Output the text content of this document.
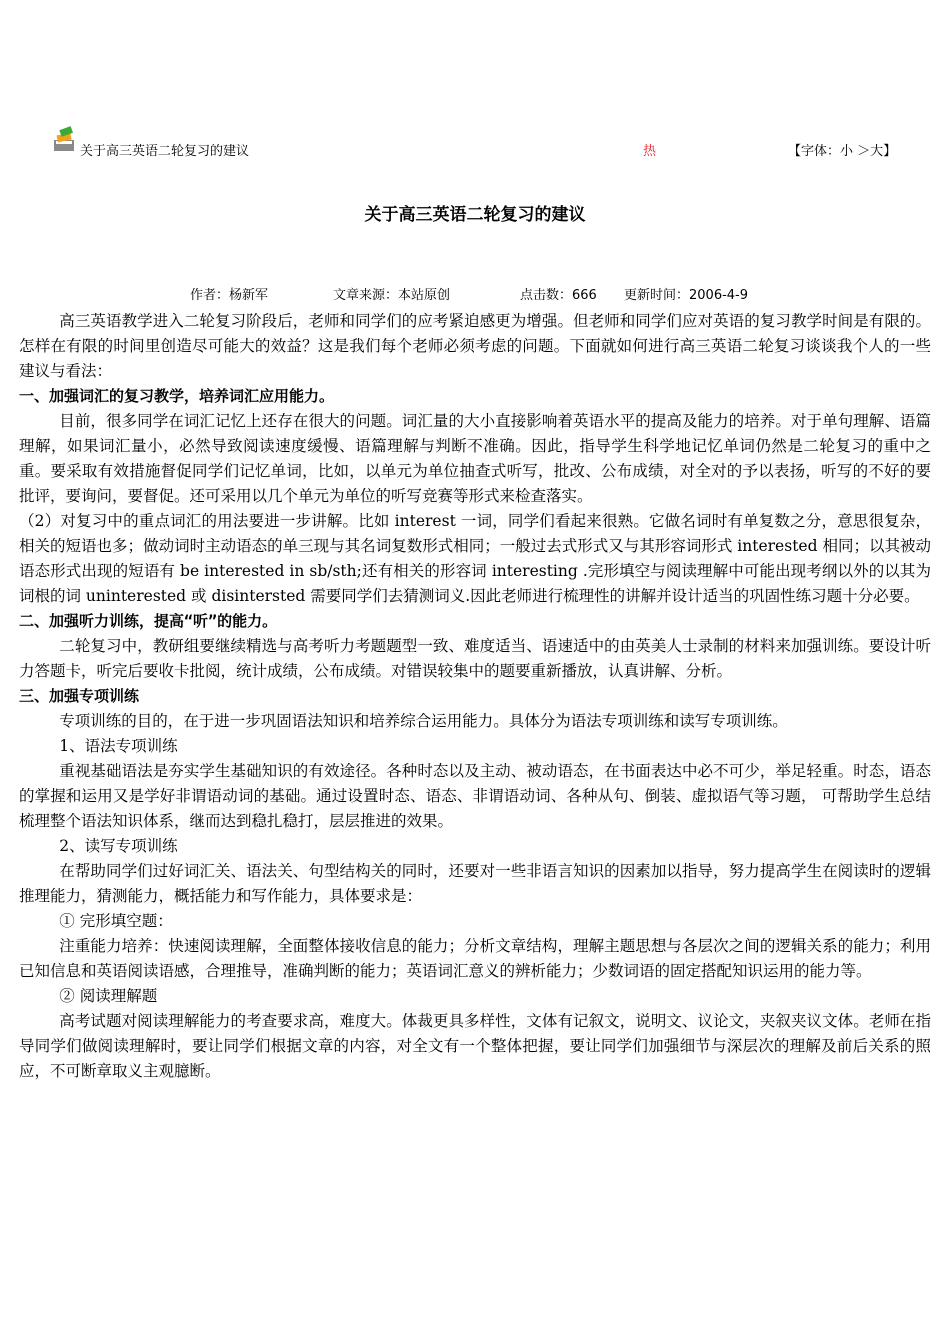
关于高三英语二轮复习的建议	热	【字体：小 ＞大】
关于高三英语二轮复习的建议
作者：杨新军	文章来源：本站原创	点击数：666 更新时间：2006-4-9

高三英语教学进入二轮复习阶段后，老师和同学们的应考紧迫感更为增强。但老师和同学们应对英语的复习教学时间是有限的。怎样在有限的时间里创造尽可能大的效益？这是我们每个老师必须考虑的问题。下面就如何进行高三英语二轮复习谈谈我个人的一些建议与看法：

一、加强词汇的复习教学，培养词汇应用能力。

目前，很多同学在词汇记忆上还存在很大的问题。词汇量的大小直接影响着英语水平的提高及能力的培养。对于单句理解、语篇理解，如果词汇量小，必然导致阅读速度缓慢、语篇理解与判断不准确。因此，指导学生科学地记忆单词仍然是二轮复习的重中之重。要采取有效措施督促同学们记忆单词，比如，以单元为单位抽查式听写，批改、公布成绩，对全对的予以表扬，听写的不好的要批评，要询问，要督促。还可采用以几个单元为单位的听写竞赛等形式来检查落实。

（2）对复习中的重点词汇的用法要进一步讲解。比如 interest 一词，同学们看起来很熟。它做名词时有单复数之分，意思很复杂，相关的短语也多；做动词时主动语态的单三现与其名词复数形式相同；一般过去式形式又与其形容词形式 interested 相同；以其被动语态形式出现的短语有 be interested in sb/sth;还有相关的形容词 interesting .完形填空与阅读理解中可能出现考纲以外的以其为词根的词 uninterested 或 disintersted 需要同学们去猜测词义.因此老师进行梳理性的讲解并设计适当的巩固性练习题十分必要。

二、加强听力训练，提高“听”的能力。

二轮复习中，教研组要继续精选与高考听力考题题型一致、难度适当、语速适中的由英美人士录制的材料来加强训练。要设计听力答题卡，听完后要收卡批阅，统计成绩，公布成绩。对错误较集中的题要重新播放，认真讲解、分析。

三、加强专项训练

专项训练的目的，在于进一步巩固语法知识和培养综合运用能力。具体分为语法专项训练和读写专项训练。

1、语法专项训练

重视基础语法是夯实学生基础知识的有效途径。各种时态以及主动、被动语态，在书面表达中必不可少，举足轻重。时态，语态的掌握和运用又是学好非谓语动词的基础。通过设置时态、语态、非谓语动词、各种从句、倒装、虚拟语气等习题， 可帮助学生总结梳理整个语法知识体系，继而达到稳扎稳打，层层推进的效果。

2、读写专项训练

在帮助同学们过好词汇关、语法关、句型结构关的同时，还要对一些非语言知识的因素加以指导，努力提高学生在阅读时的逻辑推理能力，猜测能力，概括能力和写作能力，具体要求是：

① 完形填空题：

注重能力培养：快速阅读理解，全面整体接收信息的能力；分析文章结构，理解主题思想与各层次之间的逻辑关系的能力；利用已知信息和英语阅读语感，合理推导，准确判断的能力；英语词汇意义的辨析能力；少数词语的固定搭配知识运用的能力等。

② 阅读理解题

高考试题对阅读理解能力的考查要求高，难度大。体裁更具多样性，文体有记叙文，说明文、议论文，夹叙夹议文体。老师在指导同学们做阅读理解时，要让同学们根据文章的内容，对全文有一个整体把握，要让同学们加强细节与深层次的理解及前后关系的照应，不可断章取义主观臆断。
